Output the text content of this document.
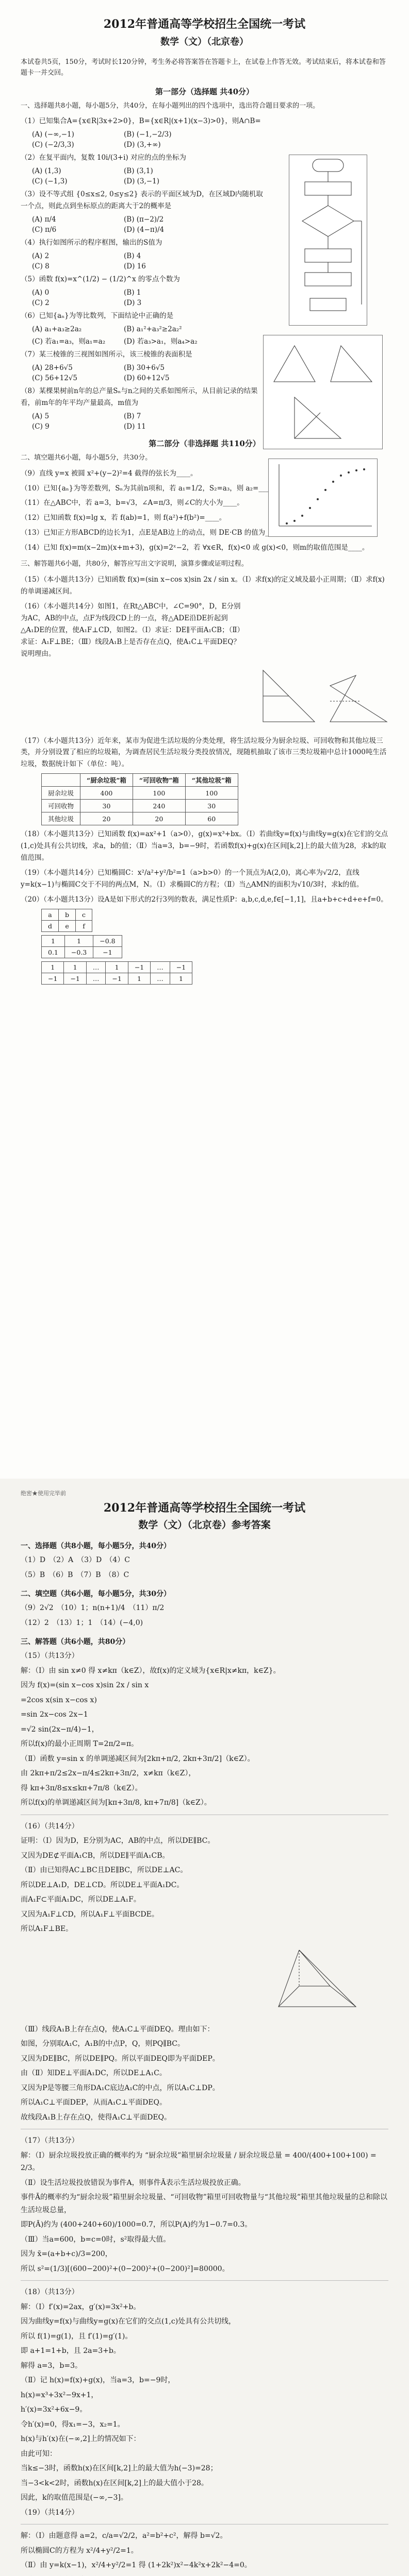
2012年普通高等学校招生全国统一考试
数学（文）（北京卷）
本试卷共5页，150分，考试时长120分钟，考生务必将答案答在答题卡上，在试卷上作答无效。考试结束后，将本试卷和答题卡一并交回。
第一部分（选择题 共40分）
一、选择题共8小题，每小题5分，共40分，在每小题列出的四个选项中，选出符合题目要求的一项。
（1）已知集合A={x∈R|3x+2>0}，B={x∈R|(x+1)(x−3)>0}，则A∩B=
(A) (−∞,−1)	(B) (−1,−2/3)
(C) (−2/3,3)	(D) (3,+∞)
（2）在复平面内，复数 10i/(3+i) 对应的点的坐标为
(A) (1,3)	(B) (3,1)
(C) (−1,3)	(D) (3,−1)
（3）设不等式组 {0≤x≤2, 0≤y≤2} 表示的平面区域为D，在区域D内随机取一个点，则此点到坐标原点的距离大于2的概率是
(A) π/4	(B) (π−2)/2
(C) π/6	(D) (4−π)/4
（4）执行如图所示的程序框图，输出的S值为
(A) 2	(B) 4
(C) 8	(D) 16
（5）函数 f(x)=x^(1/2) − (1/2)^x 的零点个数为
(A) 0	(B) 1
(C) 2	(D) 3
（6）已知{aₙ}为等比数列，下面结论中正确的是
(A) a₁+a₃≥2a₂	(B) a₁²+a₃²≥2a₂²
(C) 若a₁=a₃，则a₁=a₂	(D) 若a₃>a₁，则a₄>a₂
（7）某三棱锥的三视图如图所示，该三棱锥的表面积是
(A) 28+6√5	(B) 30+6√5
(C) 56+12√5	(D) 60+12√5
（8）某棵果树前n年的总产量Sₙ与n之间的关系如图所示，从目前记录的结果看，前m年的年平均产量最高，m值为
(A) 5	(B) 7
(C) 9	(D) 11
第二部分（非选择题 共110分）
二、填空题共6小题，每小题5分，共30分。
（9）直线 y=x 被圆 x²+(y−2)²=4 截得的弦长为____。
（10）已知{aₙ}为等差数列，Sₙ为其前n项和，若 a₁=1/2，S₂=a₃，则 a₂=____，Sₙ=____。
（11）在△ABC中，若 a=3，b=√3，∠A=π/3，则∠C的大小为____。
（12）已知函数 f(x)=lg x，若 f(ab)=1，则 f(a²)+f(b²)=____。
（13）已知正方形ABCD的边长为1，点E是AB边上的动点，则 DE·CB 的值为____，DE·DC 的最大值为____。
（14）已知 f(x)=m(x−2m)(x+m+3)，g(x)=2ˣ−2，若 ∀x∈R，f(x)<0 或 g(x)<0，则m的取值范围是____。
三、解答题共6小题，共80分，解答应写出文字说明，演算步骤或证明过程。
（15）（本小题共13分）已知函数 f(x)=(sin x−cos x)sin 2x / sin x。（Ⅰ）求f(x)的定义域及最小正周期；（Ⅱ）求f(x)的单调递减区间。
（16）（本小题共14分）如图1，在Rt△ABC中，∠C=90°，D，E分别为AC，AB的中点，点F为线段CD上的一点，将△ADE沿DE折起到△A₁DE的位置，使A₁F⊥CD，如图2。（Ⅰ）求证：DE∥平面A₁CB；（Ⅱ）求证：A₁F⊥BE；（Ⅲ）线段A₁B上是否存在点Q，使A₁C⊥平面DEQ？说明理由。
（17）（本小题共13分）近年来，某市为促进生活垃圾的分类处理，将生活垃圾分为厨余垃圾、可回收物和其他垃圾三类，并分别设置了相应的垃圾箱，为调查居民生活垃圾分类投放情况，现随机抽取了该市三类垃圾箱中总计1000吨生活垃圾，数据统计如下（单位：吨）。
	“厨余垃圾”箱	“可回收物”箱	“其他垃圾”箱
厨余垃圾	400	100	100
可回收物	30	240	30
其他垃圾	20	20	60
（18）（本小题共13分）已知函数 f(x)=ax²+1（a>0），g(x)=x³+bx。（Ⅰ）若曲线y=f(x)与曲线y=g(x)在它们的交点(1,c)处具有公共切线，求a，b的值；（Ⅱ）当a=3，b=−9时，若函数f(x)+g(x)在区间[k,2]上的最大值为28，求k的取值范围。
（19）（本小题共14分）已知椭圆C：x²/a²+y²/b²=1（a>b>0）的一个顶点为A(2,0)，离心率为√2/2，直线y=k(x−1)与椭圆C交于不同的两点M，N。（Ⅰ）求椭圆C的方程；（Ⅱ）当△AMN的面积为√10/3时，求k的值。
（20）（本小题共13分）设A是如下形式的2行3列的数表，满足性质P：a,b,c,d,e,f∈[−1,1]，且a+b+c+d+e+f=0。
a	b	c
d	e	f
1	1	−0.8
0.1	−0.3	−1
1	1	…	1	−1	…	−1
−1	−1	…	−1	1	…	1
绝密★使用完毕前
2012年普通高等学校招生全国统一考试
数学（文）（北京卷）参考答案
一、选择题（共8小题，每小题5分，共40分）
（1）D　（2）A　（3）D　（4）C
（5）B　（6）B　（7）B　（8）C
二、填空题（共6小题，每小题5分，共30分）
（9）2√2　（10）1；n(n+1)/4　（11）π/2
（12）2　（13）1；1　（14）(−4,0)
三、解答题（共6小题，共80分）
（15）（共13分）
解：（Ⅰ）由 sin x≠0 得 x≠kπ（k∈Z），故f(x)的定义域为{x∈R|x≠kπ，k∈Z}。
因为 f(x)=(sin x−cos x)sin 2x / sin x
=2cos x(sin x−cos x)
=sin 2x−cos 2x−1
=√2 sin(2x−π/4)−1，
所以f(x)的最小正周期 T=2π/2=π。
（Ⅱ）函数 y=sin x 的单调递减区间为[2kπ+π/2, 2kπ+3π/2]（k∈Z）。
由 2kπ+π/2≤2x−π/4≤2kπ+3π/2，x≠kπ（k∈Z），
得 kπ+3π/8≤x≤kπ+7π/8（k∈Z）。
所以f(x)的单调递减区间为[kπ+3π/8, kπ+7π/8]（k∈Z）。
（16）（共14分）
证明：（Ⅰ）因为D，E分别为AC，AB的中点，所以DE∥BC。
又因为DE⊄平面A₁CB，所以DE∥平面A₁CB。
（Ⅱ）由已知得AC⊥BC且DE∥BC，所以DE⊥AC。
所以DE⊥A₁D，DE⊥CD。所以DE⊥平面A₁DC。
而A₁F⊂平面A₁DC，所以DE⊥A₁F。
又因为A₁F⊥CD，所以A₁F⊥平面BCDE。
所以A₁F⊥BE。
（Ⅲ）线段A₁B上存在点Q，使A₁C⊥平面DEQ。理由如下：
如图，分别取A₁C，A₁B的中点P，Q，则PQ∥BC。
又因为DE∥BC，所以DE∥PQ。所以平面DEQ即为平面DEP。
由（Ⅱ）知DE⊥平面A₁DC，所以DE⊥A₁C。
又因为P是等腰三角形DA₁C底边A₁C的中点，所以A₁C⊥DP。
所以A₁C⊥平面DEP，从而A₁C⊥平面DEQ。
故线段A₁B上存在点Q，使得A₁C⊥平面DEQ。
（17）（共13分）
解：（Ⅰ）厨余垃圾投放正确的概率约为 “厨余垃圾”箱里厨余垃圾量 / 厨余垃圾总量 = 400/(400+100+100) = 2/3。
（Ⅱ）设生活垃圾投放错误为事件A，则事件Ā表示生活垃圾投放正确。
事件Ā的概率约为“厨余垃圾”箱里厨余垃圾量、“可回收物”箱里可回收物量与“其他垃圾”箱里其他垃圾量的总和除以生活垃圾总量，
即P(Ā)约为 (400+240+60)/1000=0.7，所以P(A)约为1−0.7=0.3。
（Ⅲ）当a=600，b=c=0时，s²取得最大值。
因为 x̄=(a+b+c)/3=200，
所以 s²=(1/3)[(600−200)²+(0−200)²+(0−200)²]=80000。
（18）（共13分）
解：（Ⅰ）f′(x)=2ax，g′(x)=3x²+b。
因为曲线y=f(x)与曲线y=g(x)在它们的交点(1,c)处具有公共切线，
所以 f(1)=g(1)，且 f′(1)=g′(1)。
即 a+1=1+b，且 2a=3+b。
解得 a=3，b=3。
（Ⅱ）记 h(x)=f(x)+g(x)，当a=3，b=−9时，
h(x)=x³+3x²−9x+1，
h′(x)=3x²+6x−9。
令h′(x)=0，得x₁=−3，x₂=1。
h(x)与h′(x)在(−∞,2]上的情况如下：
由此可知：
当k≤−3时，函数h(x)在区间[k,2]上的最大值为h(−3)=28；
当−3<k<2时，函数h(x)在区间[k,2]上的最大值小于28。
因此，k的取值范围是(−∞,−3]。
（19）（共14分）
解：（Ⅰ）由题意得 a=2，c/a=√2/2，a²=b²+c²，解得 b=√2。
所以椭圆C的方程为 x²/4+y²/2=1。
（Ⅱ）由 y=k(x−1)，x²/4+y²/2=1 得 (1+2k²)x²−4k²x+2k²−4=0。
